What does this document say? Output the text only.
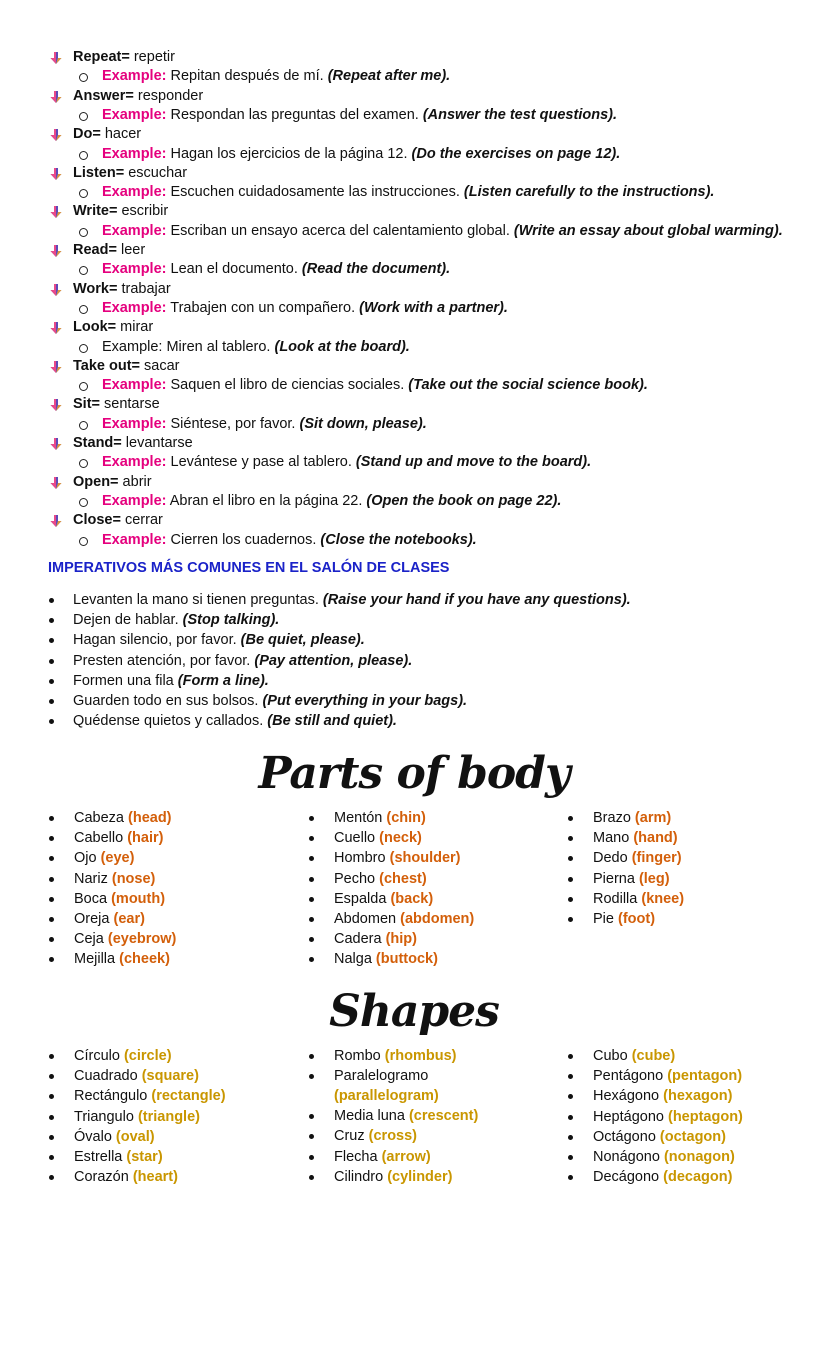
Repeat= repetir
Example: Repitan después de mí. (Repeat after me).
Answer= responder
Example: Respondan las preguntas del examen. (Answer the test questions).
Do= hacer
Example: Hagan los ejercicios de la página 12. (Do the exercises on page 12).
Listen= escuchar
Example: Escuchen cuidadosamente las instrucciones. (Listen carefully to the instructions).
Write= escribir
Example: Escriban un ensayo acerca del calentamiento global. (Write an essay about global warming).
Read= leer
Example: Lean el documento. (Read the document).
Work= trabajar
Example: Trabajen con un compañero. (Work with a partner).
Look= mirar
Example: Miren al tablero. (Look at the board).
Take out= sacar
Example: Saquen el libro de ciencias sociales. (Take out the social science book).
Sit= sentarse
Example: Siéntese, por favor. (Sit down, please).
Stand= levantarse
Example: Levántese y pase al tablero. (Stand up and move to the board).
Open= abrir
Example: Abran el libro en la página 22. (Open the book on page 22).
Close= cerrar
Example: Cierren los cuadernos. (Close the notebooks).
IMPERATIVOS MÁS COMUNES EN EL SALÓN DE CLASES
Levanten la mano si tienen preguntas. (Raise your hand if you have any questions).
Dejen de hablar. (Stop talking).
Hagan silencio, por favor. (Be quiet, please).
Presten atención, por favor. (Pay attention, please).
Formen una fila (Form a line).
Guarden todo en sus bolsos. (Put everything in your bags).
Quédense quietos y callados. (Be still and quiet).
Parts of body
Cabeza (head)
Cabello (hair)
Ojo (eye)
Nariz (nose)
Boca (mouth)
Oreja (ear)
Ceja (eyebrow)
Mejilla (cheek)
Mentón (chin)
Cuello (neck)
Hombro (shoulder)
Pecho (chest)
Espalda (back)
Abdomen (abdomen)
Cadera (hip)
Nalga (buttock)
Brazo (arm)
Mano (hand)
Dedo (finger)
Pierna (leg)
Rodilla (knee)
Pie (foot)
Shapes
Círculo (circle)
Cuadrado (square)
Rectángulo (rectangle)
Triangulo (triangle)
Óvalo (oval)
Estrella (star)
Corazón (heart)
Rombo (rhombus)
Paralelogramo
(parallelogram)
Media luna (crescent)
Cruz (cross)
Flecha (arrow)
Cilindro (cylinder)
Cubo (cube)
Pentágono (pentagon)
Hexágono (hexagon)
Heptágono (heptagon)
Octágono (octagon)
Nonágono (nonagon)
Decágono (decagon)
